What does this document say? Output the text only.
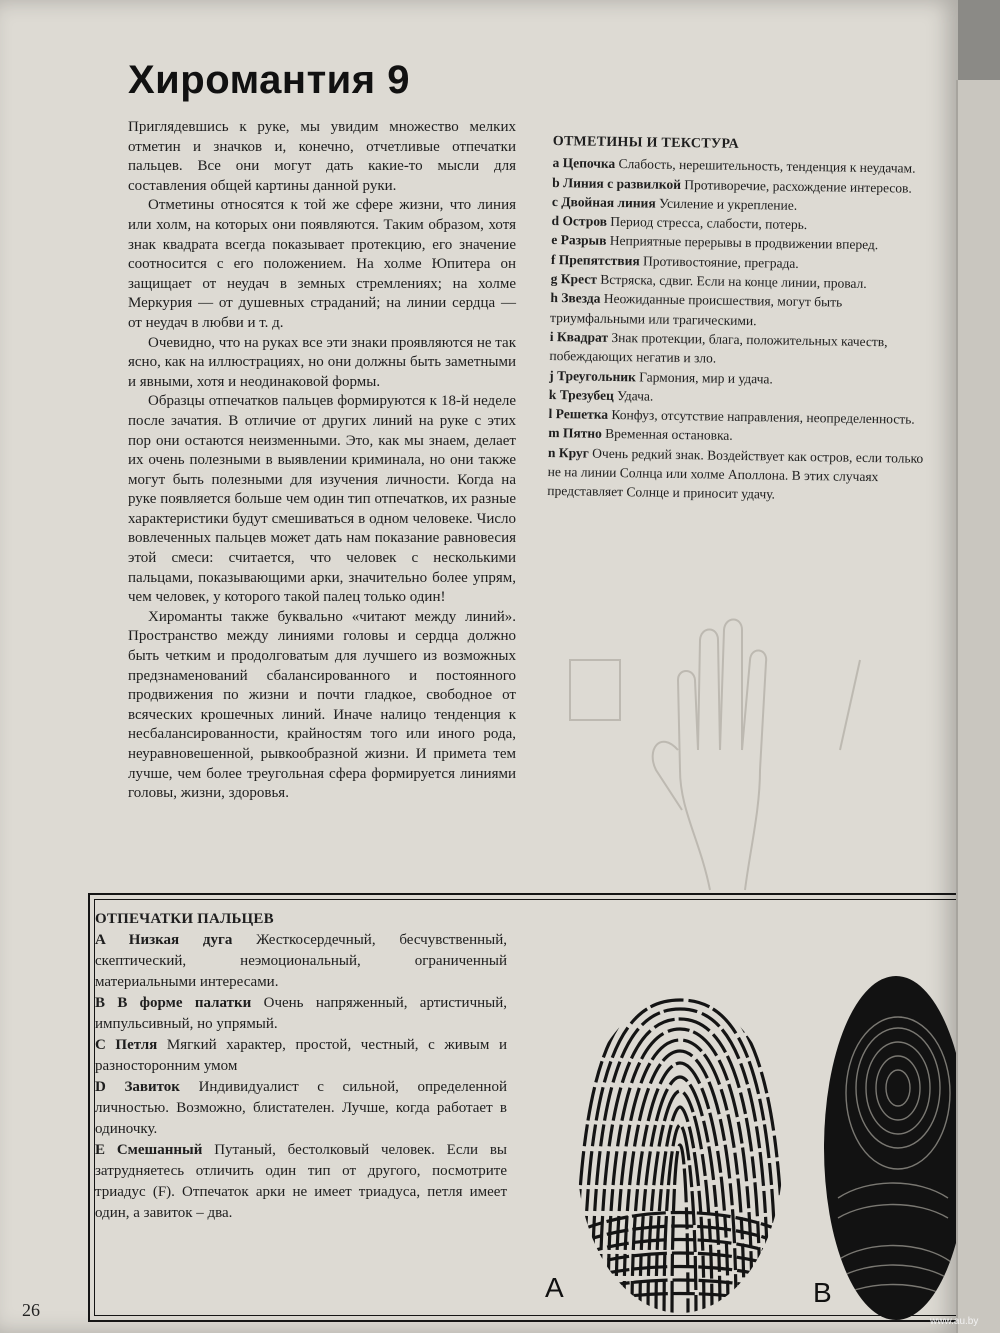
Хиромантия 9

Приглядевшись к руке, мы увидим множество мелких отметин и значков и, конечно, отчетливые отпечатки пальцев. Все они могут дать какие-то мысли для составления общей картины данной руки.

Отметины относятся к той же сфере жизни, что линия или холм, на которых они появляются. Таким образом, хотя знак квадрата всегда показывает протекцию, его значение соотносится с его положением. На холме Юпитера он защищает от неудач в земных стремлениях; на холме Меркурия — от душевных страданий; на линии сердца — от неудач в любви и т. д.

Очевидно, что на руках все эти знаки проявляются не так ясно, как на иллюстрациях, но они должны быть заметными и явными, хотя и неодинаковой формы.

Образцы отпечатков пальцев формируются к 18-й неделе после зачатия. В отличие от других линий на руке с этих пор они остаются неизменными. Это, как мы знаем, делает их очень полезными в выявлении криминала, но они также могут быть полезными для изучения личности. Когда на руке появляется больше чем один тип отпечатков, их разные характеристики будут смешиваться в одном человеке. Число вовлеченных пальцев может дать нам показание равновесия этой смеси: считается, что человек с несколькими пальцами, показывающими арки, значительно более упрям, чем человек, у которого такой палец только один!

Хироманты также буквально «читают между линий». Пространство между линиями головы и сердца должно быть четким и продолговатым для лучшего из возможных предзнаменований сбалансированного и постоянного продвижения по жизни и почти гладкое, свободное от всяческих крошечных линий. Иначе налицо тенденция к несбалансированности, крайностям того или иного рода, неуравновешенной, рывкообразной жизни. И примета тем лучше, чем более треугольная сфера формируется линиями головы, жизни, здоровья.

ОТМЕТИНЫ И ТЕКСТУРА

a Цепочка Слабость, нерешительность, тенденция к неудачам.

b Линия с развилкой Противоречие, расхождение интересов.

c Двойная линия Усиление и укрепление.

d Остров Период стресса, слабости, потерь.

e Разрыв Неприятные перерывы в продвижении вперед.

f Препятствия Противостояние, преграда.

g Крест Встряска, сдвиг. Если на конце линии, провал.

h Звезда Неожиданные происшествия, могут быть триумфальными или трагическими.

i Квадрат Знак протекции, блага, положительных качеств, побеждающих негатив и зло.

j Треугольник Гармония, мир и удача.

k Трезубец Удача.

l Решетка Конфуз, отсутствие направления, неопределенность.

m Пятно Временная остановка.

n Круг Очень редкий знак. Воздействует как остров, если только не на линии Солнца или холме Аполлона. В этих случаях представляет Солнце и приносит удачу.

ОТПЕЧАТКИ ПАЛЬЦЕВ

A Низкая дуга Жесткосердечный, бесчувственный, скептический, неэмоциональный, ограниченный материальными интересами.

B В форме палатки Очень напряженный, артистичный, импульсивный, но упрямый.

C Петля Мягкий характер, простой, честный, с живым и разносторонним умом

D Завиток Индивидуалист с сильной, определенной личностью. Возможно, блистателен. Лучше, когда работает в одиночку.

E Смешанный Путаный, бестолковый человек. Если вы затрудняетесь отличить один тип от другого, посмотрите триадус (F). Отпечаток арки не имеет триадуса, петля имеет один, а завиток – два.

A	B
26
www.au.by
